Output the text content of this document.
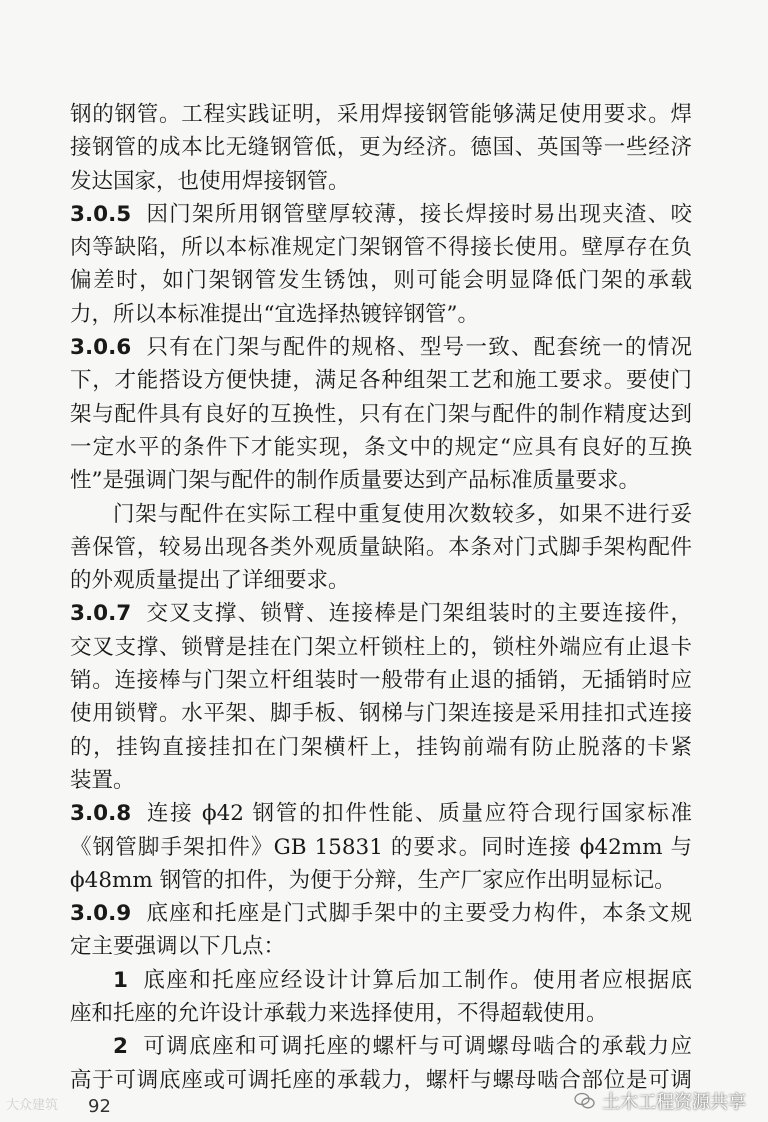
钢的钢管。工程实践证明，采用焊接钢管能够满足使用要求。焊
接钢管的成本比无缝钢管低，更为经济。德国、英国等一些经济
发达国家，也使用焊接钢管。
3.0.5 因门架所用钢管壁厚较薄，接长焊接时易出现夹渣、咬
肉等缺陷，所以本标准规定门架钢管不得接长使用。壁厚存在负
偏差时，如门架钢管发生锈蚀，则可能会明显降低门架的承载
力，所以本标准提出“宜选择热镀锌钢管”。
3.0.6 只有在门架与配件的规格、型号一致、配套统一的情况
下，才能搭设方便快捷，满足各种组架工艺和施工要求。要使门
架与配件具有良好的互换性，只有在门架与配件的制作精度达到
一定水平的条件下才能实现，条文中的规定“应具有良好的互换
性”是强调门架与配件的制作质量要达到产品标准质量要求。
门架与配件在实际工程中重复使用次数较多，如果不进行妥
善保管，较易出现各类外观质量缺陷。本条对门式脚手架构配件
的外观质量提出了详细要求。
3.0.7 交叉支撑、锁臂、连接棒是门架组装时的主要连接件，
交叉支撑、锁臂是挂在门架立杆锁柱上的，锁柱外端应有止退卡
销。连接棒与门架立杆组装时一般带有止退的插销，无插销时应
使用锁臂。水平架、脚手板、钢梯与门架连接是采用挂扣式连接
的，挂钩直接挂扣在门架横杆上，挂钩前端有防止脱落的卡紧
装置。
3.0.8 连接 ϕ42 钢管的扣件性能、质量应符合现行国家标准
《钢管脚手架扣件》GB 15831 的要求。同时连接 ϕ42mm 与
ϕ48mm 钢管的扣件，为便于分辩，生产厂家应作出明显标记。
3.0.9 底座和托座是门式脚手架中的主要受力构件，本条文规
定主要强调以下几点：
1 底座和托座应经设计计算后加工制作。使用者应根据底
座和托座的允许设计承载力来选择使用，不得超载使用。
2 可调底座和可调托座的螺杆与可调螺母啮合的承载力应
高于可调底座或可调托座的承载力，螺杆与螺母啮合部位是可调
92
大众建筑	土木工程资源共享
